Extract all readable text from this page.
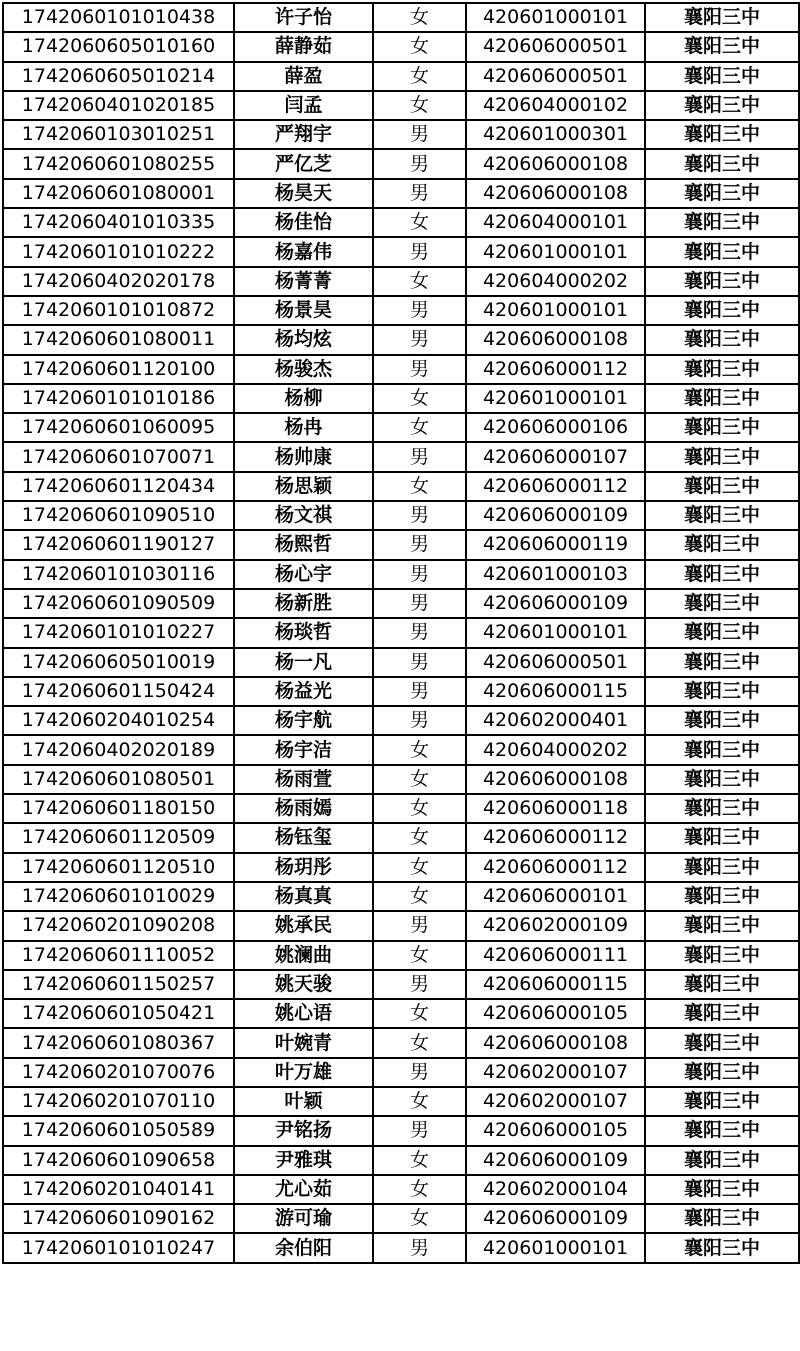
1742060101010438	许子怡	女	420601000101	襄阳三中
1742060605010160	薛静茹	女	420606000501	襄阳三中
1742060605010214	薛盈	女	420606000501	襄阳三中
1742060401020185	闫孟	女	420604000102	襄阳三中
1742060103010251	严翔宇	男	420601000301	襄阳三中
1742060601080255	严亿芝	男	420606000108	襄阳三中
1742060601080001	杨昊天	男	420606000108	襄阳三中
1742060401010335	杨佳怡	女	420604000101	襄阳三中
1742060101010222	杨嘉伟	男	420601000101	襄阳三中
1742060402020178	杨菁菁	女	420604000202	襄阳三中
1742060101010872	杨景昊	男	420601000101	襄阳三中
1742060601080011	杨均炫	男	420606000108	襄阳三中
1742060601120100	杨骏杰	男	420606000112	襄阳三中
1742060101010186	杨柳	女	420601000101	襄阳三中
1742060601060095	杨冉	女	420606000106	襄阳三中
1742060601070071	杨帅康	男	420606000107	襄阳三中
1742060601120434	杨思颖	女	420606000112	襄阳三中
1742060601090510	杨文祺	男	420606000109	襄阳三中
1742060601190127	杨熙哲	男	420606000119	襄阳三中
1742060101030116	杨心宇	男	420601000103	襄阳三中
1742060601090509	杨新胜	男	420606000109	襄阳三中
1742060101010227	杨琰哲	男	420601000101	襄阳三中
1742060605010019	杨一凡	男	420606000501	襄阳三中
1742060601150424	杨益光	男	420606000115	襄阳三中
1742060204010254	杨宇航	男	420602000401	襄阳三中
1742060402020189	杨宇洁	女	420604000202	襄阳三中
1742060601080501	杨雨萱	女	420606000108	襄阳三中
1742060601180150	杨雨嫣	女	420606000118	襄阳三中
1742060601120509	杨钰玺	女	420606000112	襄阳三中
1742060601120510	杨玥彤	女	420606000112	襄阳三中
1742060601010029	杨真真	女	420606000101	襄阳三中
1742060201090208	姚承民	男	420602000109	襄阳三中
1742060601110052	姚澜曲	女	420606000111	襄阳三中
1742060601150257	姚天骏	男	420606000115	襄阳三中
1742060601050421	姚心语	女	420606000105	襄阳三中
1742060601080367	叶婉青	女	420606000108	襄阳三中
1742060201070076	叶万雄	男	420602000107	襄阳三中
1742060201070110	叶颖	女	420602000107	襄阳三中
1742060601050589	尹铭扬	男	420606000105	襄阳三中
1742060601090658	尹雅琪	女	420606000109	襄阳三中
1742060201040141	尤心茹	女	420602000104	襄阳三中
1742060601090162	游可瑜	女	420606000109	襄阳三中
1742060101010247	余伯阳	男	420601000101	襄阳三中
